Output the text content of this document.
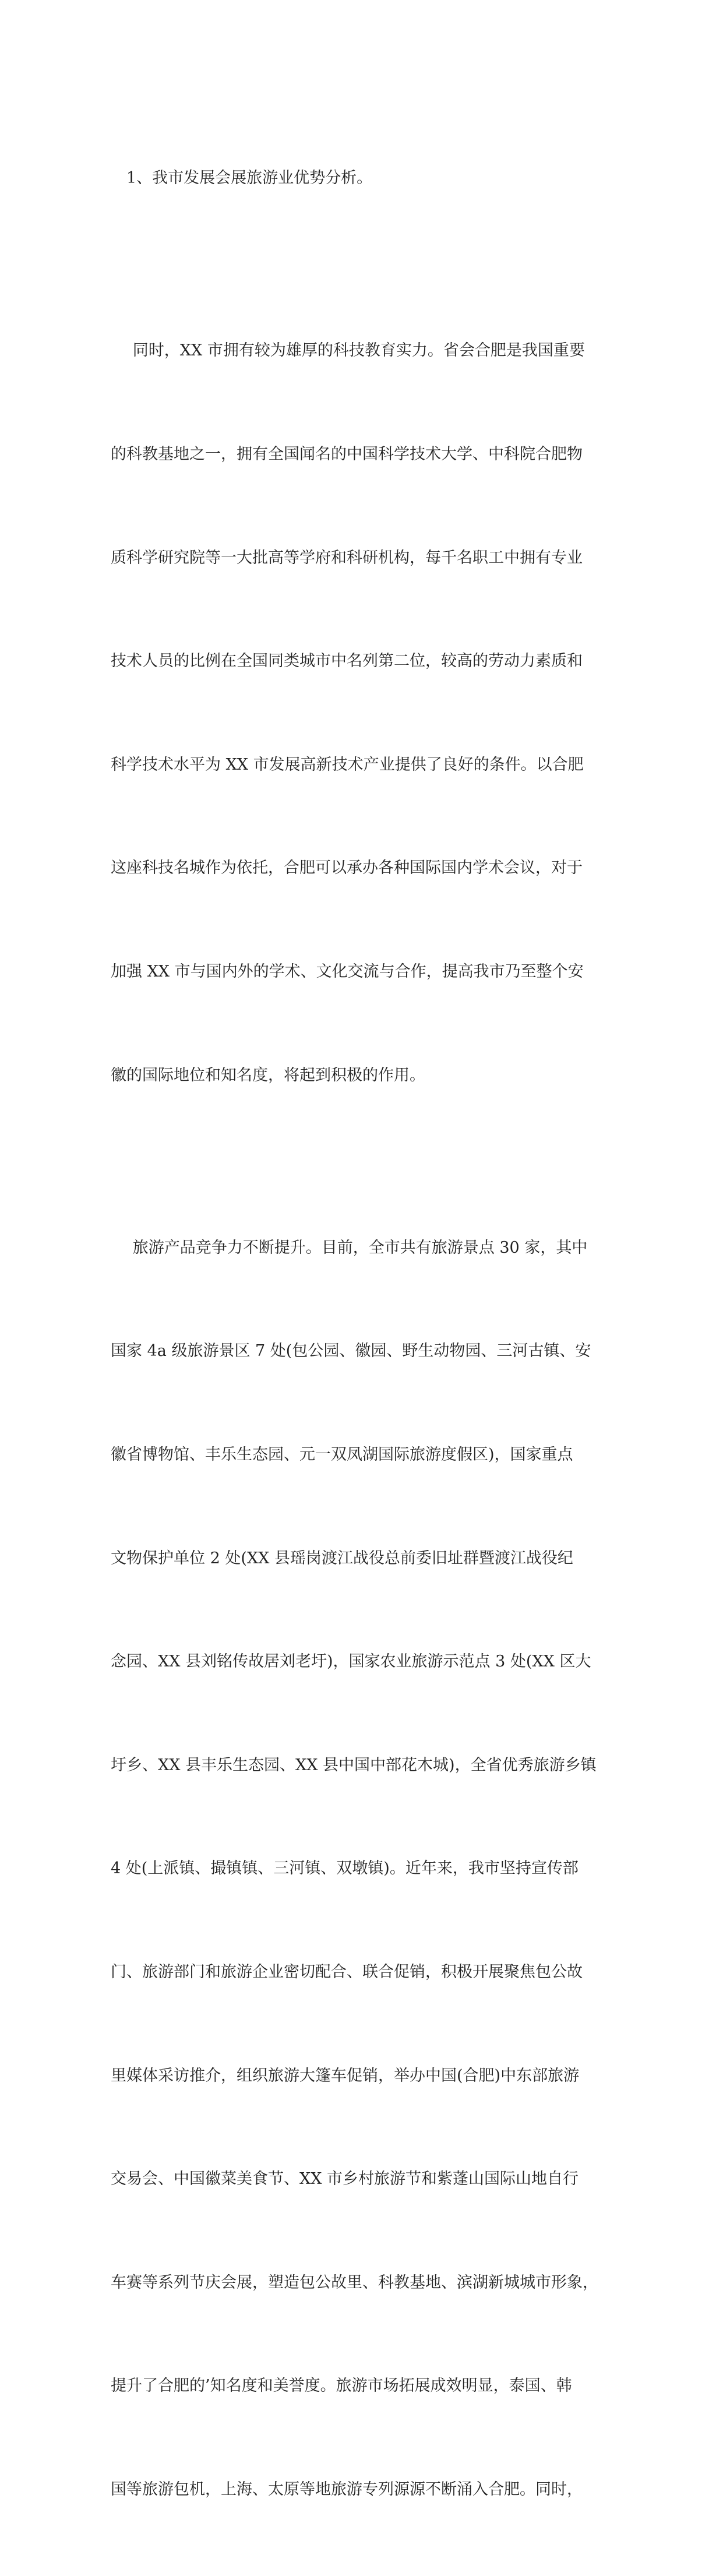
1、我市发展会展旅游业优势分析。

同时，XX 市拥有较为雄厚的科技教育实力。省会合肥是我国重要

的科教基地之一，拥有全国闻名的中国科学技术大学、中科院合肥物

质科学研究院等一大批高等学府和科研机构，每千名职工中拥有专业

技术人员的比例在全国同类城市中名列第二位，较高的劳动力素质和

科学技术水平为 XX 市发展高新技术产业提供了良好的条件。以合肥

这座科技名城作为依托，合肥可以承办各种国际国内学术会议，对于

加强 XX 市与国内外的学术、文化交流与合作，提高我市乃至整个安

徽的国际地位和知名度，将起到积极的作用。

旅游产品竞争力不断提升。目前，全市共有旅游景点 30 家，其中

国家 4a 级旅游景区 7 处(包公园、徽园、野生动物园、三河古镇、安

徽省博物馆、丰乐生态园、元一双凤湖国际旅游度假区)，国家重点

文物保护单位 2 处(XX 县瑶岗渡江战役总前委旧址群暨渡江战役纪

念园、XX 县刘铭传故居刘老圩)，国家农业旅游示范点 3 处(XX 区大

圩乡、XX 县丰乐生态园、XX 县中国中部花木城)，全省优秀旅游乡镇

4 处(上派镇、撮镇镇、三河镇、双墩镇)。近年来，我市坚持宣传部

门、旅游部门和旅游企业密切配合、联合促销，积极开展聚焦包公故

里媒体采访推介，组织旅游大篷车促销，举办中国(合肥)中东部旅游

交易会、中国徽菜美食节、XX 市乡村旅游节和紫蓬山国际山地自行

车赛等系列节庆会展，塑造包公故里、科教基地、滨湖新城城市形象，

提升了合肥的’知名度和美誉度。旅游市场拓展成效明显，泰国、韩

国等旅游包机，上海、太原等地旅游专列源源不断涌入合肥。同时，
